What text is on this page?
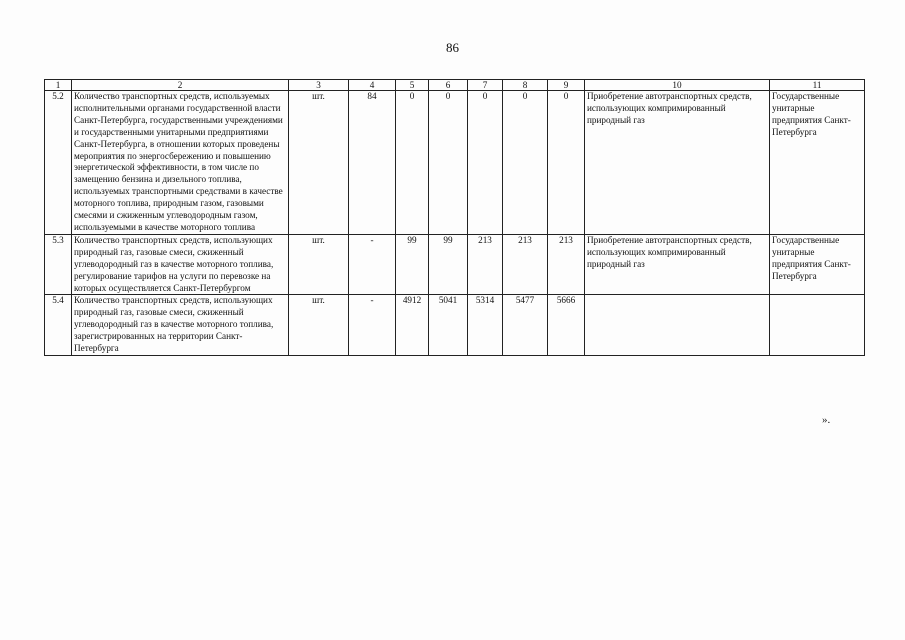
86
1	2	3	4	5	6	7	8	9	10	11
5.2	Количество транспортных средств, используемых исполнительными органами государственной власти Санкт-Петербурга, государственными учреждениями и государственными унитарными предприятиями Санкт-Петербурга, в отношении которых проведены мероприятия по энергосбережению и повышению энергетической эффективности, в том числе по замещению бензина и дизельного топлива, используемых транспортными средствами в качестве моторного топлива, природным газом, газовыми смесями и сжиженным углеводородным газом, используемыми в качестве моторного топлива	шт.	84	0	0	0	0	0	Приобретение автотранспортных средств, использующих компримированный природный газ	Государственные унитарные предприятия Санкт-Петербурга
5.3	Количество транспортных средств, использующих природный газ, газовые смеси, сжиженный углеводородный газ в качестве моторного топлива, регулирование тарифов на услуги по перевозке на которых осуществляется Санкт-Петербургом	шт.	-	99	99	213	213	213	Приобретение автотранспортных средств, использующих компримированный природный газ	Государственные унитарные предприятия Санкт-Петербурга
5.4	Количество транспортных средств, использующих природный газ, газовые смеси, сжиженный углеводородный газ в качестве моторного топлива, зарегистрированных на территории Санкт-Петербурга	шт.	-	4912	5041	5314	5477	5666		
».
